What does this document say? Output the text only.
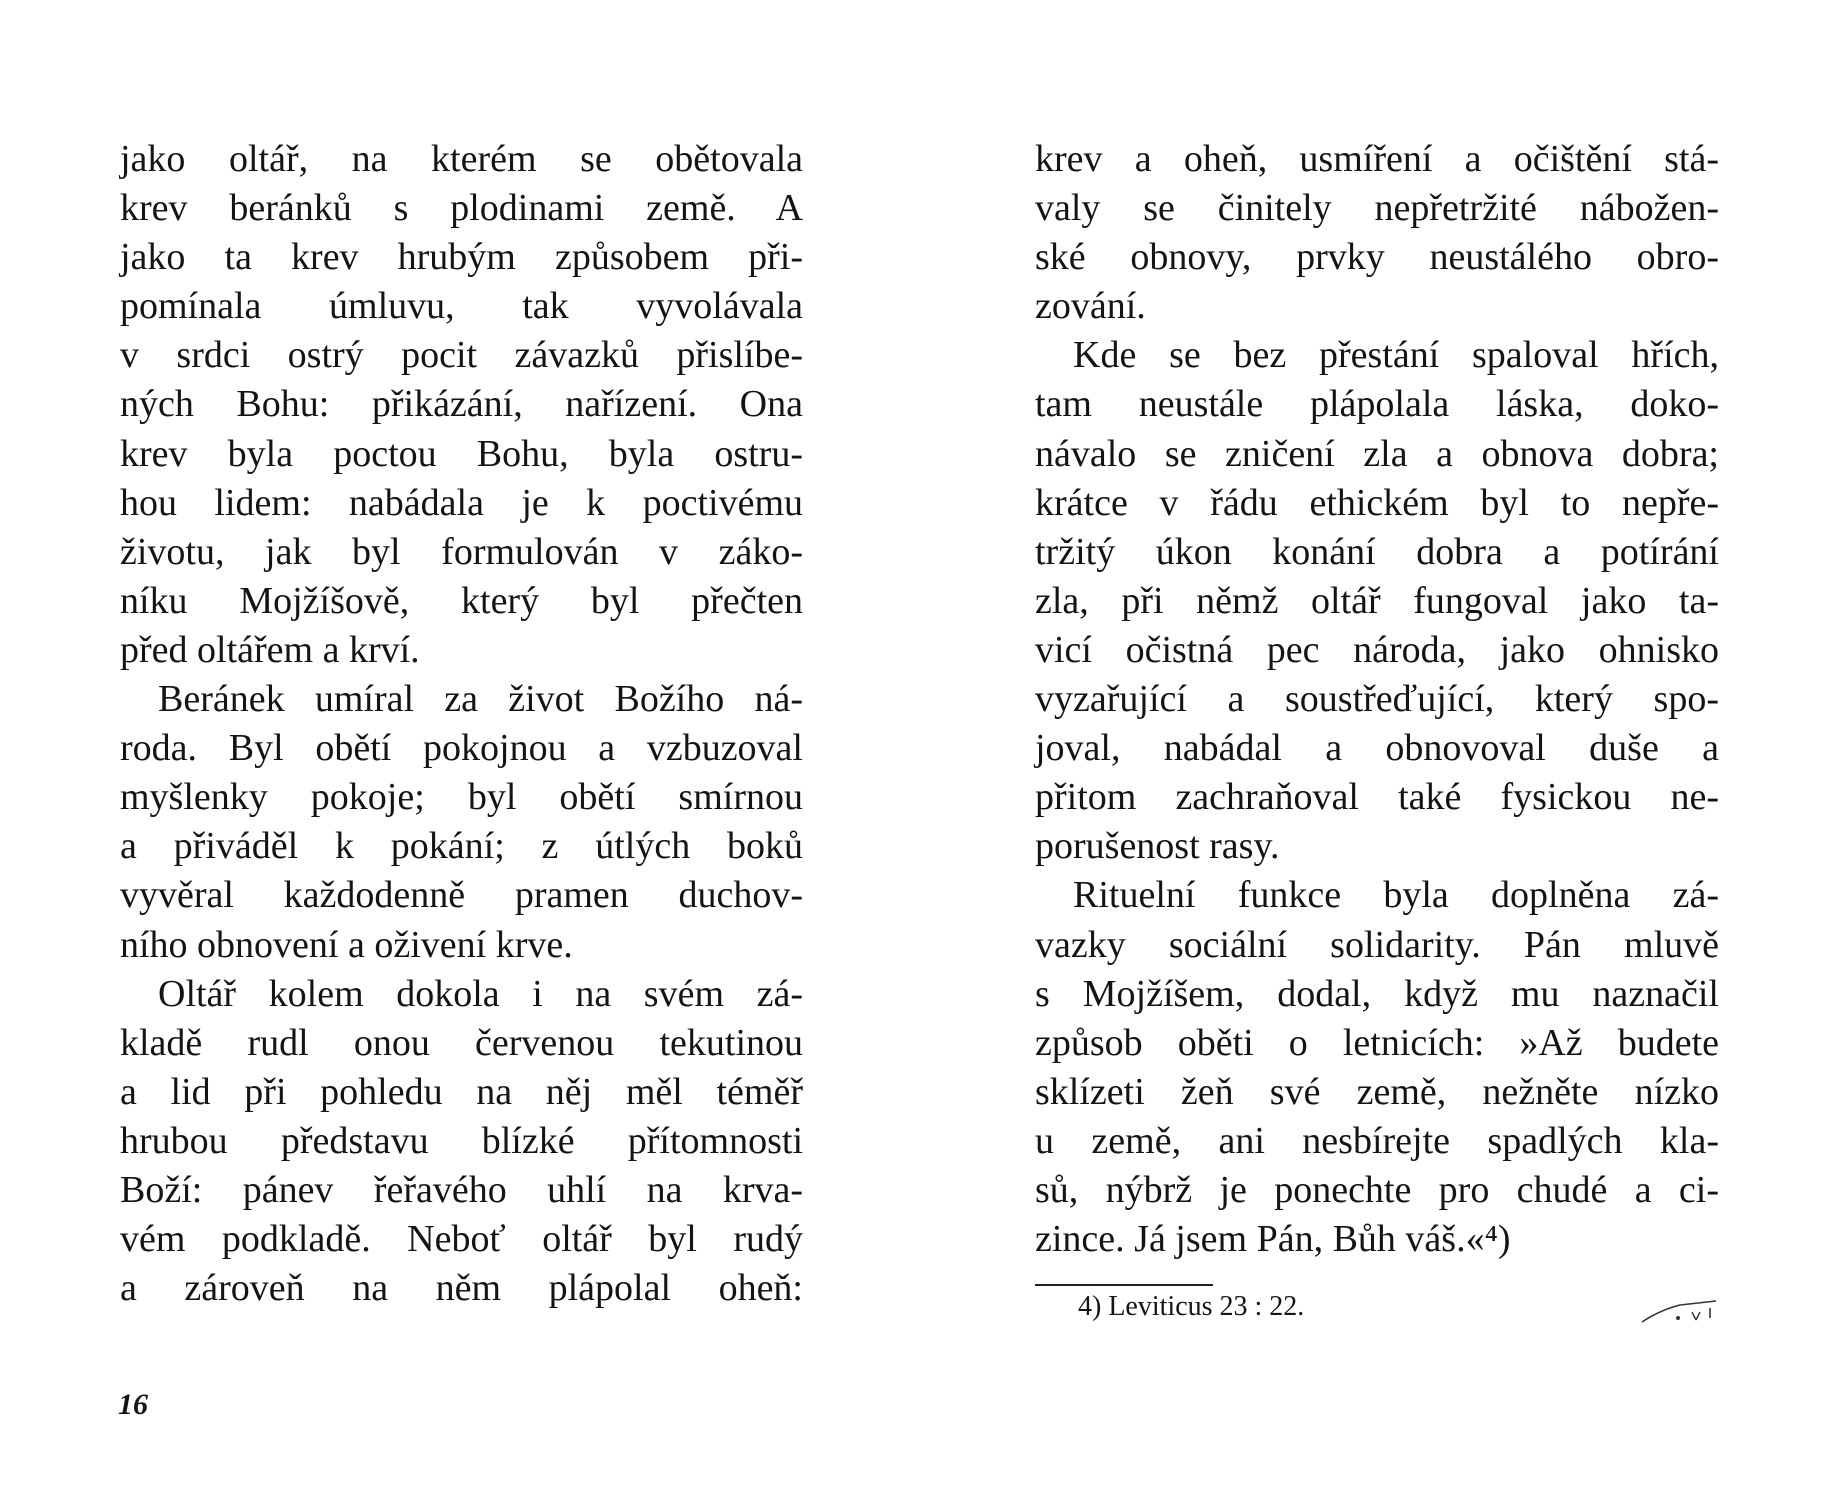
jako oltář, na kterém se obětovala
krev beránků s plodinami země. A
jako ta krev hrubým způsobem při-
pomínala úmluvu, tak vyvolávala
v srdci ostrý pocit závazků přislíbe-
ných Bohu: přikázání, nařízení. Ona
krev byla poctou Bohu, byla ostru-
hou lidem: nabádala je k poctivému
životu, jak byl formulován v záko-
níku Mojžíšově, který byl přečten
před oltářem a krví.
Beránek umíral za život Božího ná-
roda. Byl obětí pokojnou a vzbuzoval
myšlenky pokoje; byl obětí smírnou
a přiváděl k pokání; z útlých boků
vyvěral každodenně pramen duchov-
ního obnovení a oživení krve.
Oltář kolem dokola i na svém zá-
kladě rudl onou červenou tekutinou
a lid při pohledu na něj měl téměř
hrubou představu blízké přítomnosti
Boží: pánev řeřavého uhlí na krva-
vém podkladě. Neboť oltář byl rudý
a zároveň na něm plápolal oheň:
krev a oheň, usmíření a očištění stá-
valy se činitely nepřetržité nábožen-
ské obnovy, prvky neustálého obro-
zování.
Kde se bez přestání spaloval hřích,
tam neustále plápolala láska, doko-
návalo se zničení zla a obnova dobra;
krátce v řádu ethickém byl to nepře-
tržitý úkon konání dobra a potírání
zla, při němž oltář fungoval jako ta-
vicí očistná pec národa, jako ohnisko
vyzařující a soustřeďující, který spo-
joval, nabádal a obnovoval duše a
přitom zachraňoval také fysickou ne-
porušenost rasy.
Rituelní funkce byla doplněna zá-
vazky sociální solidarity. Pán mluvě
s Mojžíšem, dodal, když mu naznačil
způsob oběti o letnicích: »Až budete
sklízeti žeň své země, nežněte nízko
u země, ani nesbírejte spadlých kla-
sů, nýbrž je ponechte pro chudé a ci-
zince. Já jsem Pán, Bůh váš.«⁴)
4) Leviticus 23 : 22.
16
